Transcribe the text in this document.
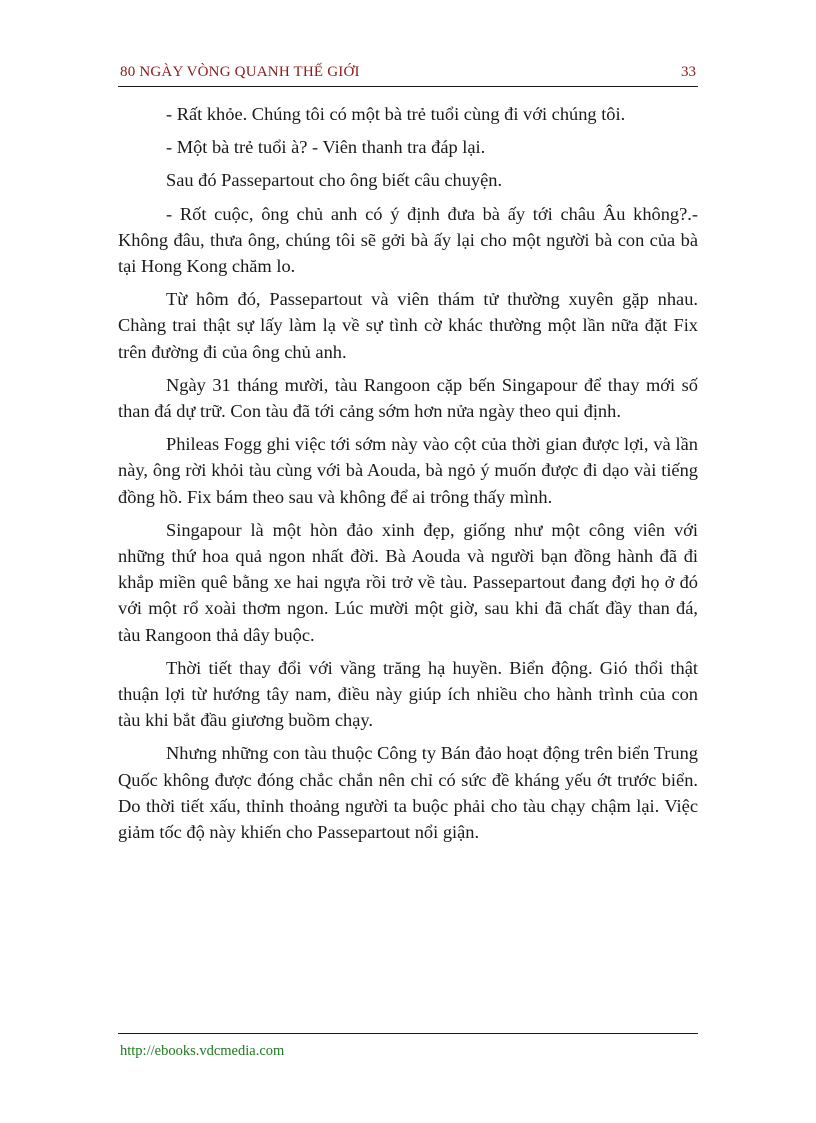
80 NGÀY VÒNG QUANH THẾ GIỚI	33

- Rất khỏe. Chúng tôi có một bà trẻ tuổi cùng đi với chúng tôi.

- Một bà trẻ tuổi à? - Viên thanh tra đáp lại.

Sau đó Passepartout cho ông biết câu chuyện.

- Rốt cuộc, ông chủ anh có ý định đưa bà ấy tới châu Âu không?.- Không đâu, thưa ông, chúng tôi sẽ gởi bà ấy lại cho một người bà con của bà tại Hong Kong chăm lo.

Từ hôm đó, Passepartout và viên thám tử thường xuyên gặp nhau. Chàng trai thật sự lấy làm lạ về sự tình cờ khác thường một lần nữa đặt Fix trên đường đi của ông chủ anh.

Ngày 31 tháng mười, tàu Rangoon cặp bến Singapour để thay mới số than đá dự trữ. Con tàu đã tới cảng sớm hơn nửa ngày theo qui định.

Phileas Fogg ghi việc tới sớm này vào cột của thời gian được lợi, và lần này, ông rời khỏi tàu cùng với bà Aouda, bà ngỏ ý muốn được đi dạo vài tiếng đồng hồ. Fix bám theo sau và không để ai trông thấy mình.

Singapour là một hòn đảo xinh đẹp, giống như một công viên với những thứ hoa quả ngon nhất đời. Bà Aouda và người bạn đồng hành đã đi khắp miền quê bằng xe hai ngựa rồi trở về tàu. Passepartout đang đợi họ ở đó với một rổ xoài thơm ngon. Lúc mười một giờ, sau khi đã chất đầy than đá, tàu Rangoon thả dây buộc.

Thời tiết thay đổi với vầng trăng hạ huyền. Biển động. Gió thổi thật thuận lợi từ hướng tây nam, điều này giúp ích nhiều cho hành trình của con tàu khi bắt đầu giương buồm chạy.

Nhưng những con tàu thuộc Công ty Bán đảo hoạt động trên biển Trung Quốc không được đóng chắc chắn nên chỉ có sức đề kháng yếu ớt trước biển. Do thời tiết xấu, thỉnh thoảng người ta buộc phải cho tàu chạy chậm lại. Việc giảm tốc độ này khiến cho Passepartout nổi giận.

http://ebooks.vdcmedia.com
